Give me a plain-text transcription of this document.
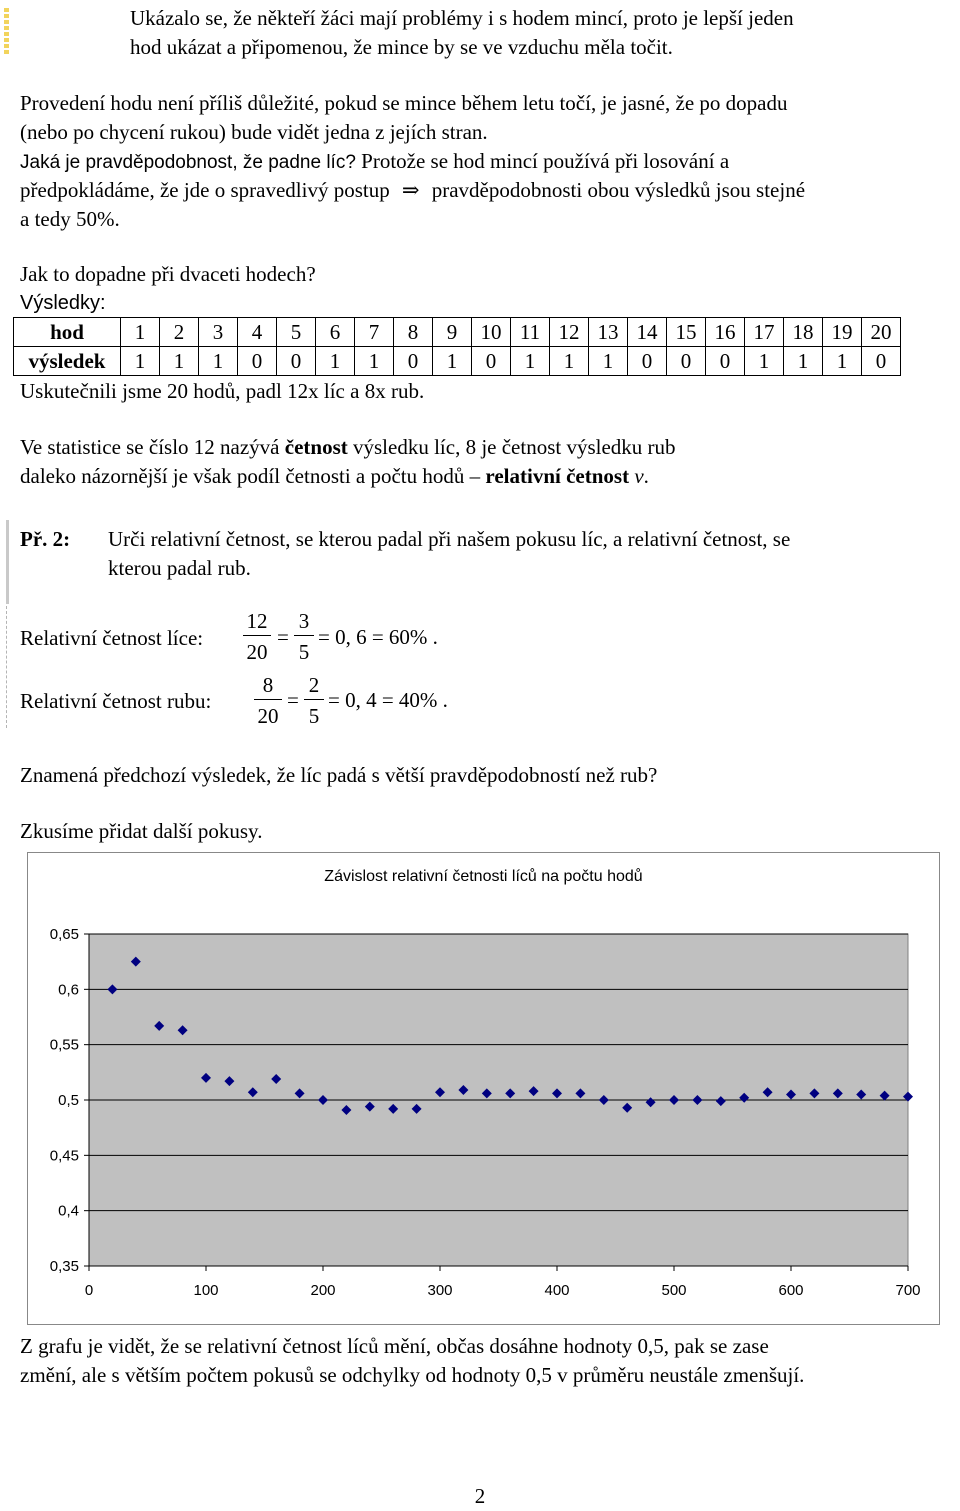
Ukázalo se, že někteří žáci mají problémy i s hodem mincí, proto je lepší jeden
hod ukázat a připomenou, že mince by se ve vzduchu měla točit.
Provedení hodu není příliš důležité, pokud se mince během letu točí, je jasné, že po dopadu
(nebo po chycení rukou) bude vidět jedna z jejích stran.
Jaká je pravděpodobnost, že padne líc? Protože se hod mincí používá při losování a
předpokládáme, že jde o spravedlivý postup ⇒ pravděpodobnosti obou výsledků jsou stejné
a tedy 50%.
Jak to dopadne při dvaceti hodech?
Výsledky:
hod	1	2	3	4	5	6	7	8	9	10	11	12	13	14	15	16	17	18	19	20
výsledek	1	1	1	0	0	1	1	0	1	0	1	1	1	0	0	0	1	1	1	0
Uskutečnili jsme 20 hodů, padl 12x líc a 8x rub.
Ve statistice se číslo 12 nazývá četnost výsledku líc, 8 je četnost výsledku rub
daleko názornější je však podíl četnosti a počtu hodů – relativní četnost ν.
Př. 2: Urči relativní četnost, se kterou padal při našem pokusu líc, a relativní četnost, se
kterou padal rub.
Relativní četnost líce:
12
20
=
3
5
= 0, 6 = 60% .
Relativní četnost rubu:
8
20
=
2
5
= 0, 4 = 40% .
Znamená předchozí výsledek, že líc padá s větší pravděpodobností než rub?
Zkusíme přidat další pokusy.
Závislost relativní četnosti líců na počtu hodů
0,65
0,6
0,55
0,5
0,45
0,4
0,35
0	100	200	300	400	500	600	700
Z grafu je vidět, že se relativní četnost líců mění, občas dosáhne hodnoty 0,5, pak se zase
změní, ale s větším počtem pokusů se odchylky od hodnoty 0,5 v průměru neustále zmenšují.
2
